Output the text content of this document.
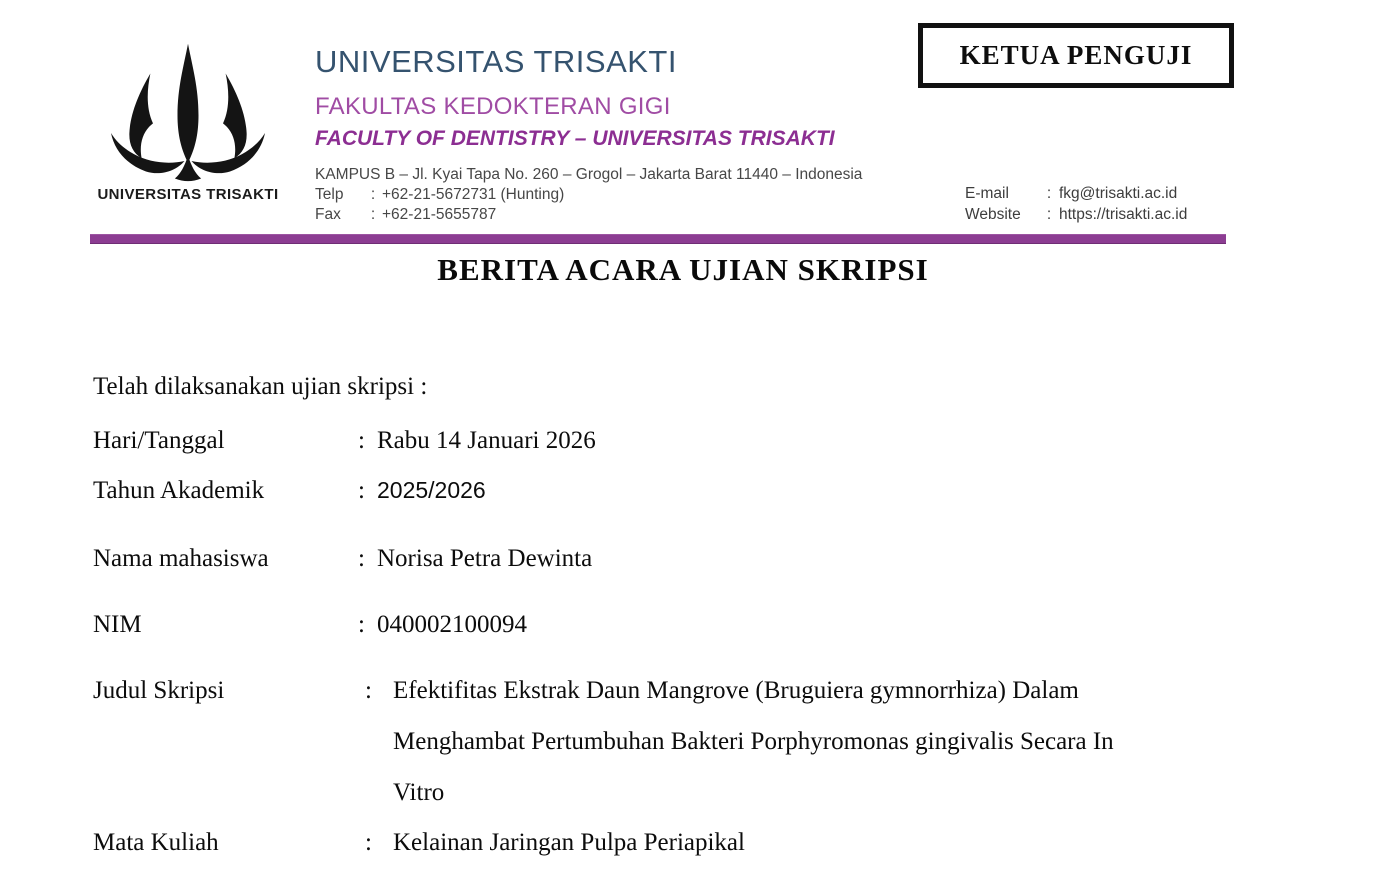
UNIVERSITAS TRISAKTI
UNIVERSITAS TRISAKTI
FAKULTAS KEDOKTERAN GIGI
FACULTY OF DENTISTRY – UNIVERSITAS TRISAKTI
KAMPUS B – Jl. Kyai Tapa No. 260 – Grogol – Jakarta Barat 11440 – Indonesia
Telp : +62-21-5672731 (Hunting)
Fax : +62-21-5655787
E-mail : fkg@trisakti.ac.id
Website : https://trisakti.ac.id
KETUA PENGUJI
BERITA ACARA UJIAN SKRIPSI
Telah dilaksanakan ujian skripsi :
Hari/Tanggal	: Rabu 14 Januari 2026
Tahun Akademik	: 2025/2026
Nama mahasiswa	: Norisa Petra Dewinta
NIM	: 040002100094
Judul Skripsi	: Efektifitas Ekstrak Daun Mangrove (Bruguiera gymnorrhiza) Dalam
Menghambat Pertumbuhan Bakteri Porphyromonas gingivalis Secara In
Vitro
Mata Kuliah	: Kelainan Jaringan Pulpa Periapikal
